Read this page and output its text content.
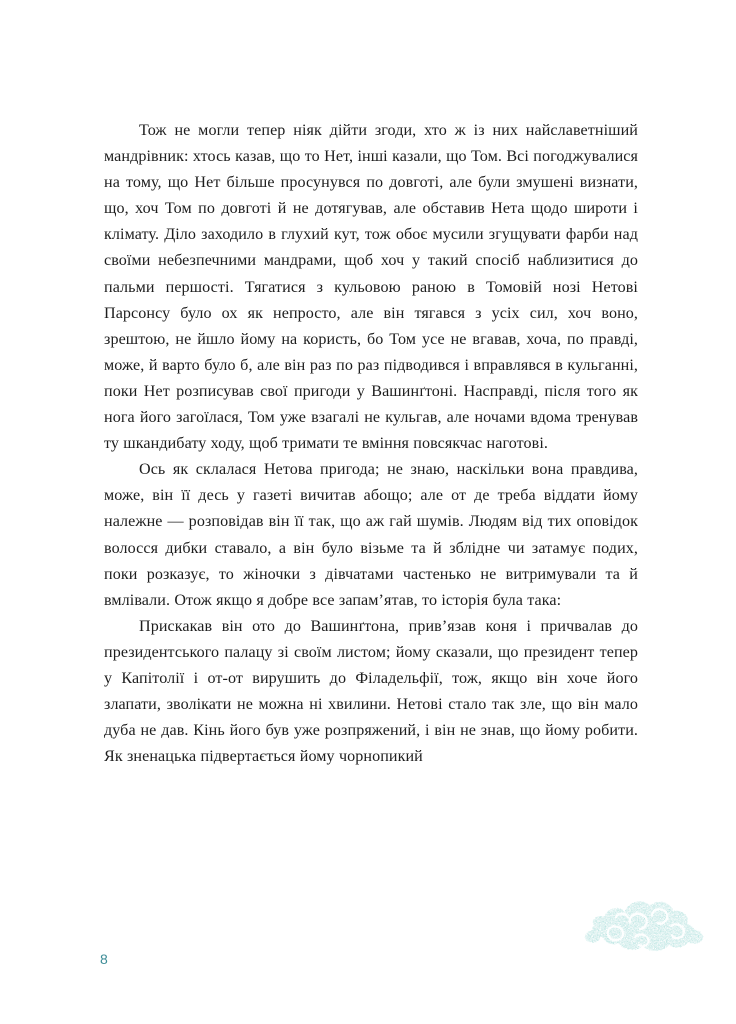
Тож не могли тепер ніяк дійти згоди, хто ж із них найславетніший мандрівник: хтось казав, що то Нет, інші казали, що Том. Всі погоджувалися на тому, що Нет більше просунувся по довготі, але були змушені визнати, що, хоч Том по довготі й не дотягував, але обставив Нета щодо широти і клімату. Діло заходило в глухий кут, тож обоє мусили згущувати фарби над своїми небезпечними мандрами, щоб хоч у такий спосіб наблизитися до пальми першості. Тягатися з кульовою раною в Томовій нозі Нетові Парсонсу було ох як непросто, але він тягався з усіх сил, хоч воно, зрештою, не йшло йому на користь, бо Том усе не вгавав, хоча, по правді, може, й варто було б, але він раз по раз підводився і вправлявся в кульганні, поки Нет розписував свої пригоди у Вашинґтоні. Насправді, після того як нога його загоїлася, Том уже взагалі не кульгав, але ночами вдома тренував ту шкандибату ходу, щоб тримати те вміння повсякчас наготові.

Ось як склалася Нетова пригода; не знаю, наскільки вона правдива, може, він її десь у газеті вичитав абощо; але от де треба віддати йому належне — розповідав він її так, що аж гай шумів. Людям від тих оповідок волосся дибки ставало, а він було візьме та й зблідне чи затамує подих, поки розказує, то жіночки з дівчатами частенько не витримували та й вмлівали. Отож якщо я добре все запам’ятав, то історія була така:

Прискакав він ото до Вашинґтона, прив’язав коня і причвалав до президентського палацу зі своїм листом; йому сказали, що президент тепер у Капітолії і от-от вирушить до Філадельфії, тож, якщо він хоче його злапати, зволікати не можна ні хвилини. Нетові стало так зле, що він мало дуба не дав. Кінь його був уже розпряжений, і він не знав, що йому робити. Як зненацька підвертається йому чорнопикий

8
